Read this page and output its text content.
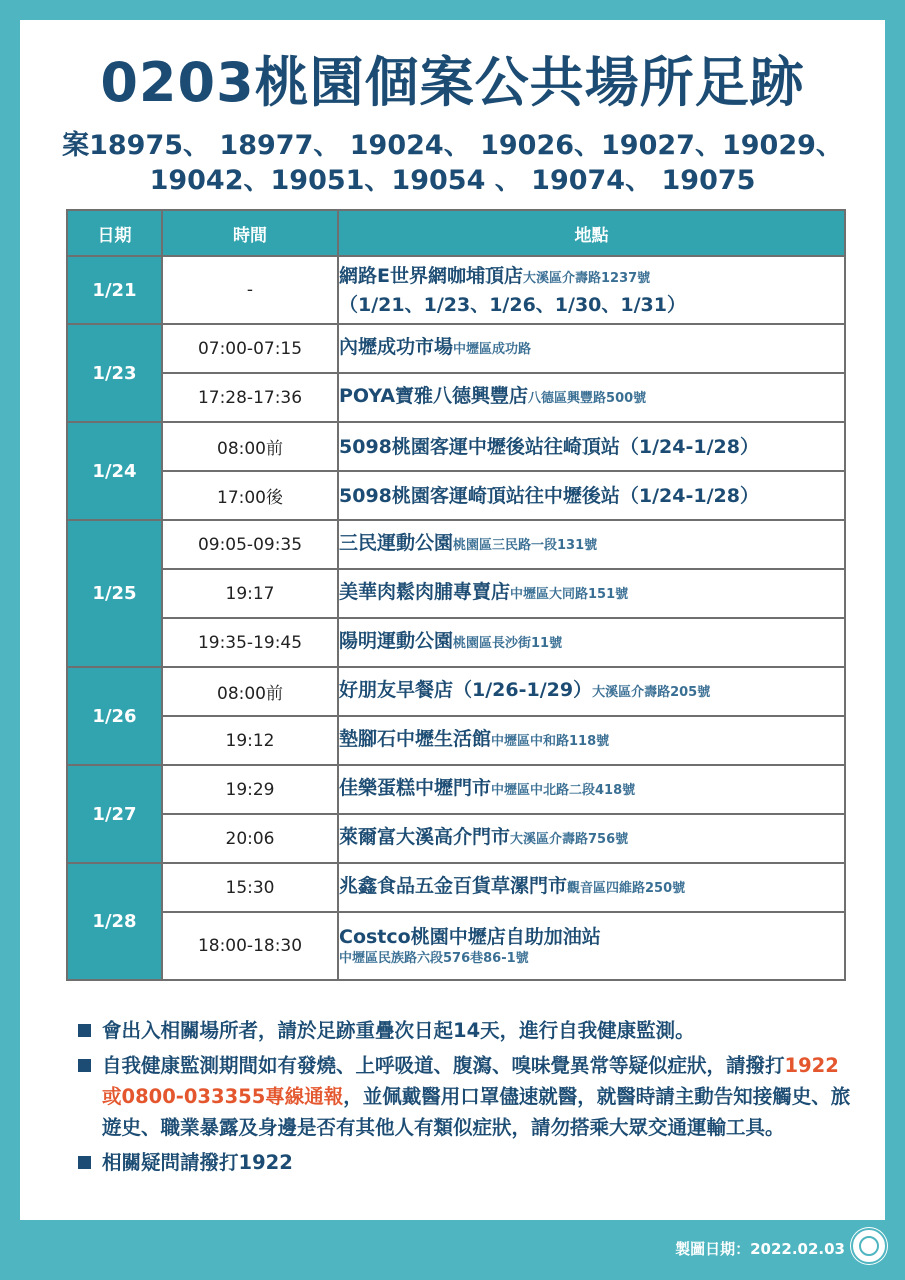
0203桃園個案公共場所足跡
案18975、 18977、 19024、 19026、19027、19029、
19042、19051、19054 、 19074、 19075
日期	時間	地點
1/21	-	網路E世界網咖埔頂店大溪區介壽路1237號
（1/21、1/23、1/26、1/30、1/31）

1/23	07:00-07:15	內壢成功市場中壢區成功路
	17:28-17:36	POYA寶雅八德興豐店八德區興豐路500號
1/24	08:00前	5098桃園客運中壢後站往崎頂站（1/24-1/28）
	17:00後	5098桃園客運崎頂站往中壢後站（1/24-1/28）
1/25	09:05-09:35	三民運動公園桃園區三民路一段131號
	19:17	美華肉鬆肉脯專賣店中壢區大同路151號
	19:35-19:45	陽明運動公園桃園區長沙街11號
1/26	08:00前	好朋友早餐店（1/26-1/29）大溪區介壽路205號
	19:12	墊腳石中壢生活館中壢區中和路118號
1/27	19:29	佳樂蛋糕中壢門市中壢區中北路二段418號
	20:06	萊爾富大溪高介門市大溪區介壽路756號
1/28	15:30	兆鑫食品五金百貨草漯門市觀音區四維路250號
	18:00-18:30	Costco桃園中壢店自助加油站
中壢區民族路六段576巷86-1號
會出入相關場所者，請於足跡重疊次日起14天，進行自我健康監測。
自我健康監測期間如有發燒、上呼吸道、腹瀉、嗅味覺異常等疑似症狀，請撥打1922或0800-033355專線通報，並佩戴醫用口罩儘速就醫，就醫時請主動告知接觸史、旅遊史、職業暴露及身邊是否有其他人有類似症狀，請勿搭乘大眾交通運輸工具。
相關疑問請撥打1922
製圖日期：2022.02.03
